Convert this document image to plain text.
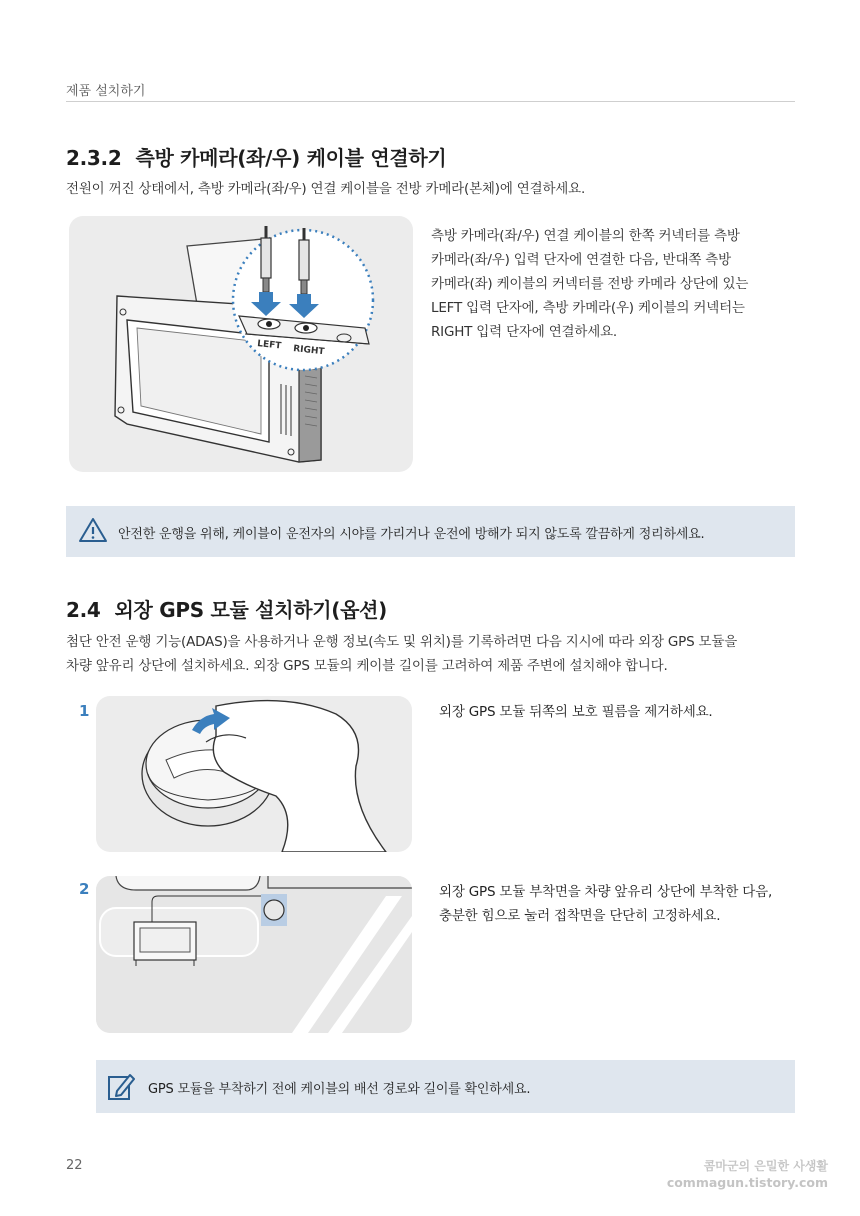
제품 설치하기
2.3.2 측방 카메라(좌/우) 케이블 연결하기
전원이 꺼진 상태에서, 측방 카메라(좌/우) 연결 케이블을 전방 카메라(본체)에 연결하세요.
LEFT RIGHT
측방 카메라(좌/우) 연결 케이블의 한쪽 커넥터를 측방
카메라(좌/우) 입력 단자에 연결한 다음, 반대쪽 측방
카메라(좌) 케이블의 커넥터를 전방 카메라 상단에 있는
LEFT 입력 단자에, 측방 카메라(우) 케이블의 커넥터는
RIGHT 입력 단자에 연결하세요.
안전한 운행을 위해, 케이블이 운전자의 시야를 가리거나 운전에 방해가 되지 않도록 깔끔하게 정리하세요.
2.4 외장 GPS 모듈 설치하기(옵션)
첨단 안전 운행 기능(ADAS)을 사용하거나 운행 정보(속도 및 위치)를 기록하려면 다음 지시에 따라 외장 GPS 모듈을
차량 앞유리 상단에 설치하세요. 외장 GPS 모듈의 케이블 길이를 고려하여 제품 주변에 설치해야 합니다.
1	외장 GPS 모듈 뒤쪽의 보호 필름을 제거하세요.
2	외장 GPS 모듈 부착면을 차량 앞유리 상단에 부착한 다음,
충분한 힘으로 눌러 접착면을 단단히 고정하세요.
GPS 모듈을 부착하기 전에 케이블의 배선 경로와 길이를 확인하세요.
22	콤마군의 은밀한 사생활
commagun.tistory.com
